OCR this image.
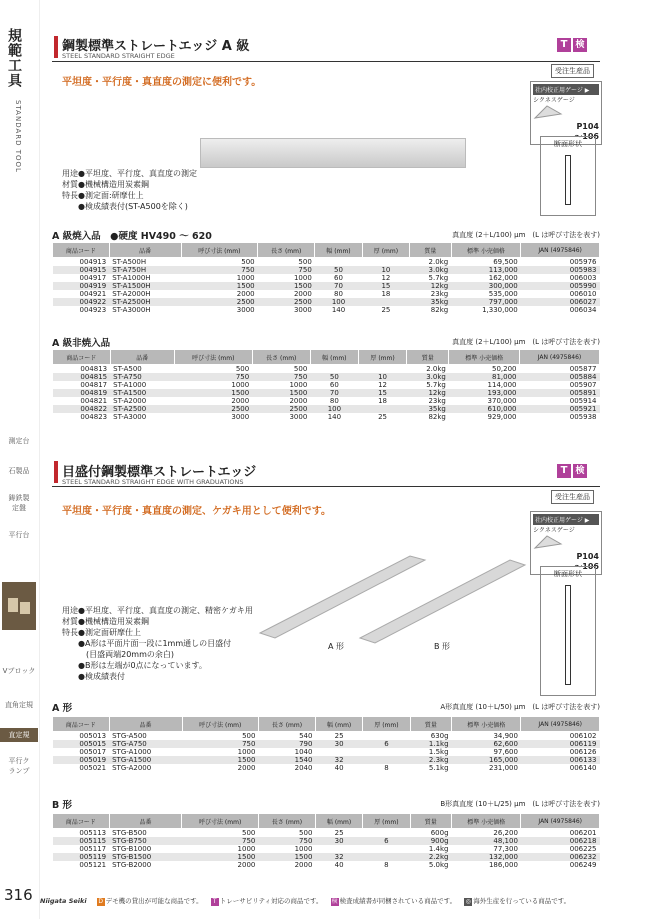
規範工具
STANDARD TOOL
測定台
石製品
鋳鉄製定盤
平行台
Vブロック
直角定規
直定規
平行クランプ
316
鋼製標準ストレートエッジ A 級
STEEL STANDARD STRAIGHT EDGE
T 検
受注生産品
平坦度・平行度・真直度の測定に便利です。
社内校正用ゲージ ▶
シクネスゲージ
P104
～106
断面形状
用途●平坦度、平行度、真直度の測定
材質●機械構造用炭素鋼
特長●測定面:研摩仕上
　　●検成績表付(ST-A500を除く)
A 級焼入品　●硬度 HV490 ～ 620	真直度 (2＋L/100) μm　(L は呼び寸法を表す)
商品コード	品番	呼び寸法 (mm)	長さ (mm)	幅 (mm)	厚 (mm)	質量	標準 小売価格	JAN (4975846)
004913	ST-A500H	500	500			2.0kg	69,500	005976
004915	ST-A750H	750	750	50	10	3.0kg	113,000	005983
004917	ST-A1000H	1000	1000	60	12	5.7kg	162,000	006003
004919	ST-A1500H	1500	1500	70	15	12kg	300,000	005990
004921	ST-A2000H	2000	2000	80	18	23kg	535,000	006010
004922	ST-A2500H	2500	2500	100		35kg	797,000	006027
004923	ST-A3000H	3000	3000	140	25	82kg	1,330,000	006034
A 級非焼入品	真直度 (2＋L/100) μm　(L は呼び寸法を表す)
商品コード	品番	呼び寸法 (mm)	長さ (mm)	幅 (mm)	厚 (mm)	質量	標準 小売価格	JAN (4975846)
004813	ST-A500	500	500			2.0kg	50,200	005877
004815	ST-A750	750	750	50	10	3.0kg	81,000	005884
004817	ST-A1000	1000	1000	60	12	5.7kg	114,000	005907
004819	ST-A1500	1500	1500	70	15	12kg	193,000	005891
004821	ST-A2000	2000	2000	80	18	23kg	370,000	005914
004822	ST-A2500	2500	2500	100		35kg	610,000	005921
004823	ST-A3000	3000	3000	140	25	82kg	929,000	005938
目盛付鋼製標準ストレートエッジ
STEEL STANDARD STRAIGHT EDGE WITH GRADUATIONS
T 検
受注生産品
平坦度・平行度・真直度の測定、ケガキ用として便利です。
社内校正用ゲージ ▶
シクネスゲージ
P104
～106
断面形状
A 形	B 形
用途●平坦度、平行度、真直度の測定、精密ケガキ用
材質●機械構造用炭素鋼
特長●測定面研摩仕上
　　●A形は平面片面一段に1mm通しの目盛付
　　　(目盛両端20mmの余白)
　　●B形は左端が0点になっています。
　　●検成績表付
A 形	A形真直度 (10＋L/50) μm　(L は呼び寸法を表す)
商品コード	品番	呼び寸法 (mm)	長さ (mm)	幅 (mm)	厚 (mm)	質量	標準 小売価格	JAN (4975846)
005013	STG-A500	500	540	25		630g	34,900	006102
005015	STG-A750	750	790	30	6	1.1kg	62,600	006119
005017	STG-A1000	1000	1040			1.5kg	97,600	006126
005019	STG-A1500	1500	1540	32		2.3kg	165,000	006133
005021	STG-A2000	2000	2040	40	8	5.1kg	231,000	006140
B 形	B形真直度 (10＋L/25) μm　(L は呼び寸法を表す)
商品コード	品番	呼び寸法 (mm)	長さ (mm)	幅 (mm)	厚 (mm)	質量	標準 小売価格	JAN (4975846)
005113	STG-B500	500	500	25		600g	26,200	006201
005115	STG-B750	750	750	30	6	900g	48,100	006218
005117	STG-B1000	1000	1000			1.4kg	77,300	006225
005119	STG-B1500	1500	1500	32		2.2kg	132,000	006232
005121	STG-B2000	2000	2000	40	8	5.0kg	186,000	006249
Niigata Seiki D デモ機の貸出が可能な商品です。 T トレーサビリティ対応の商品です。 検 検査成績書が同梱されている商品です。 ◎ 海外生産を行っている商品です。
